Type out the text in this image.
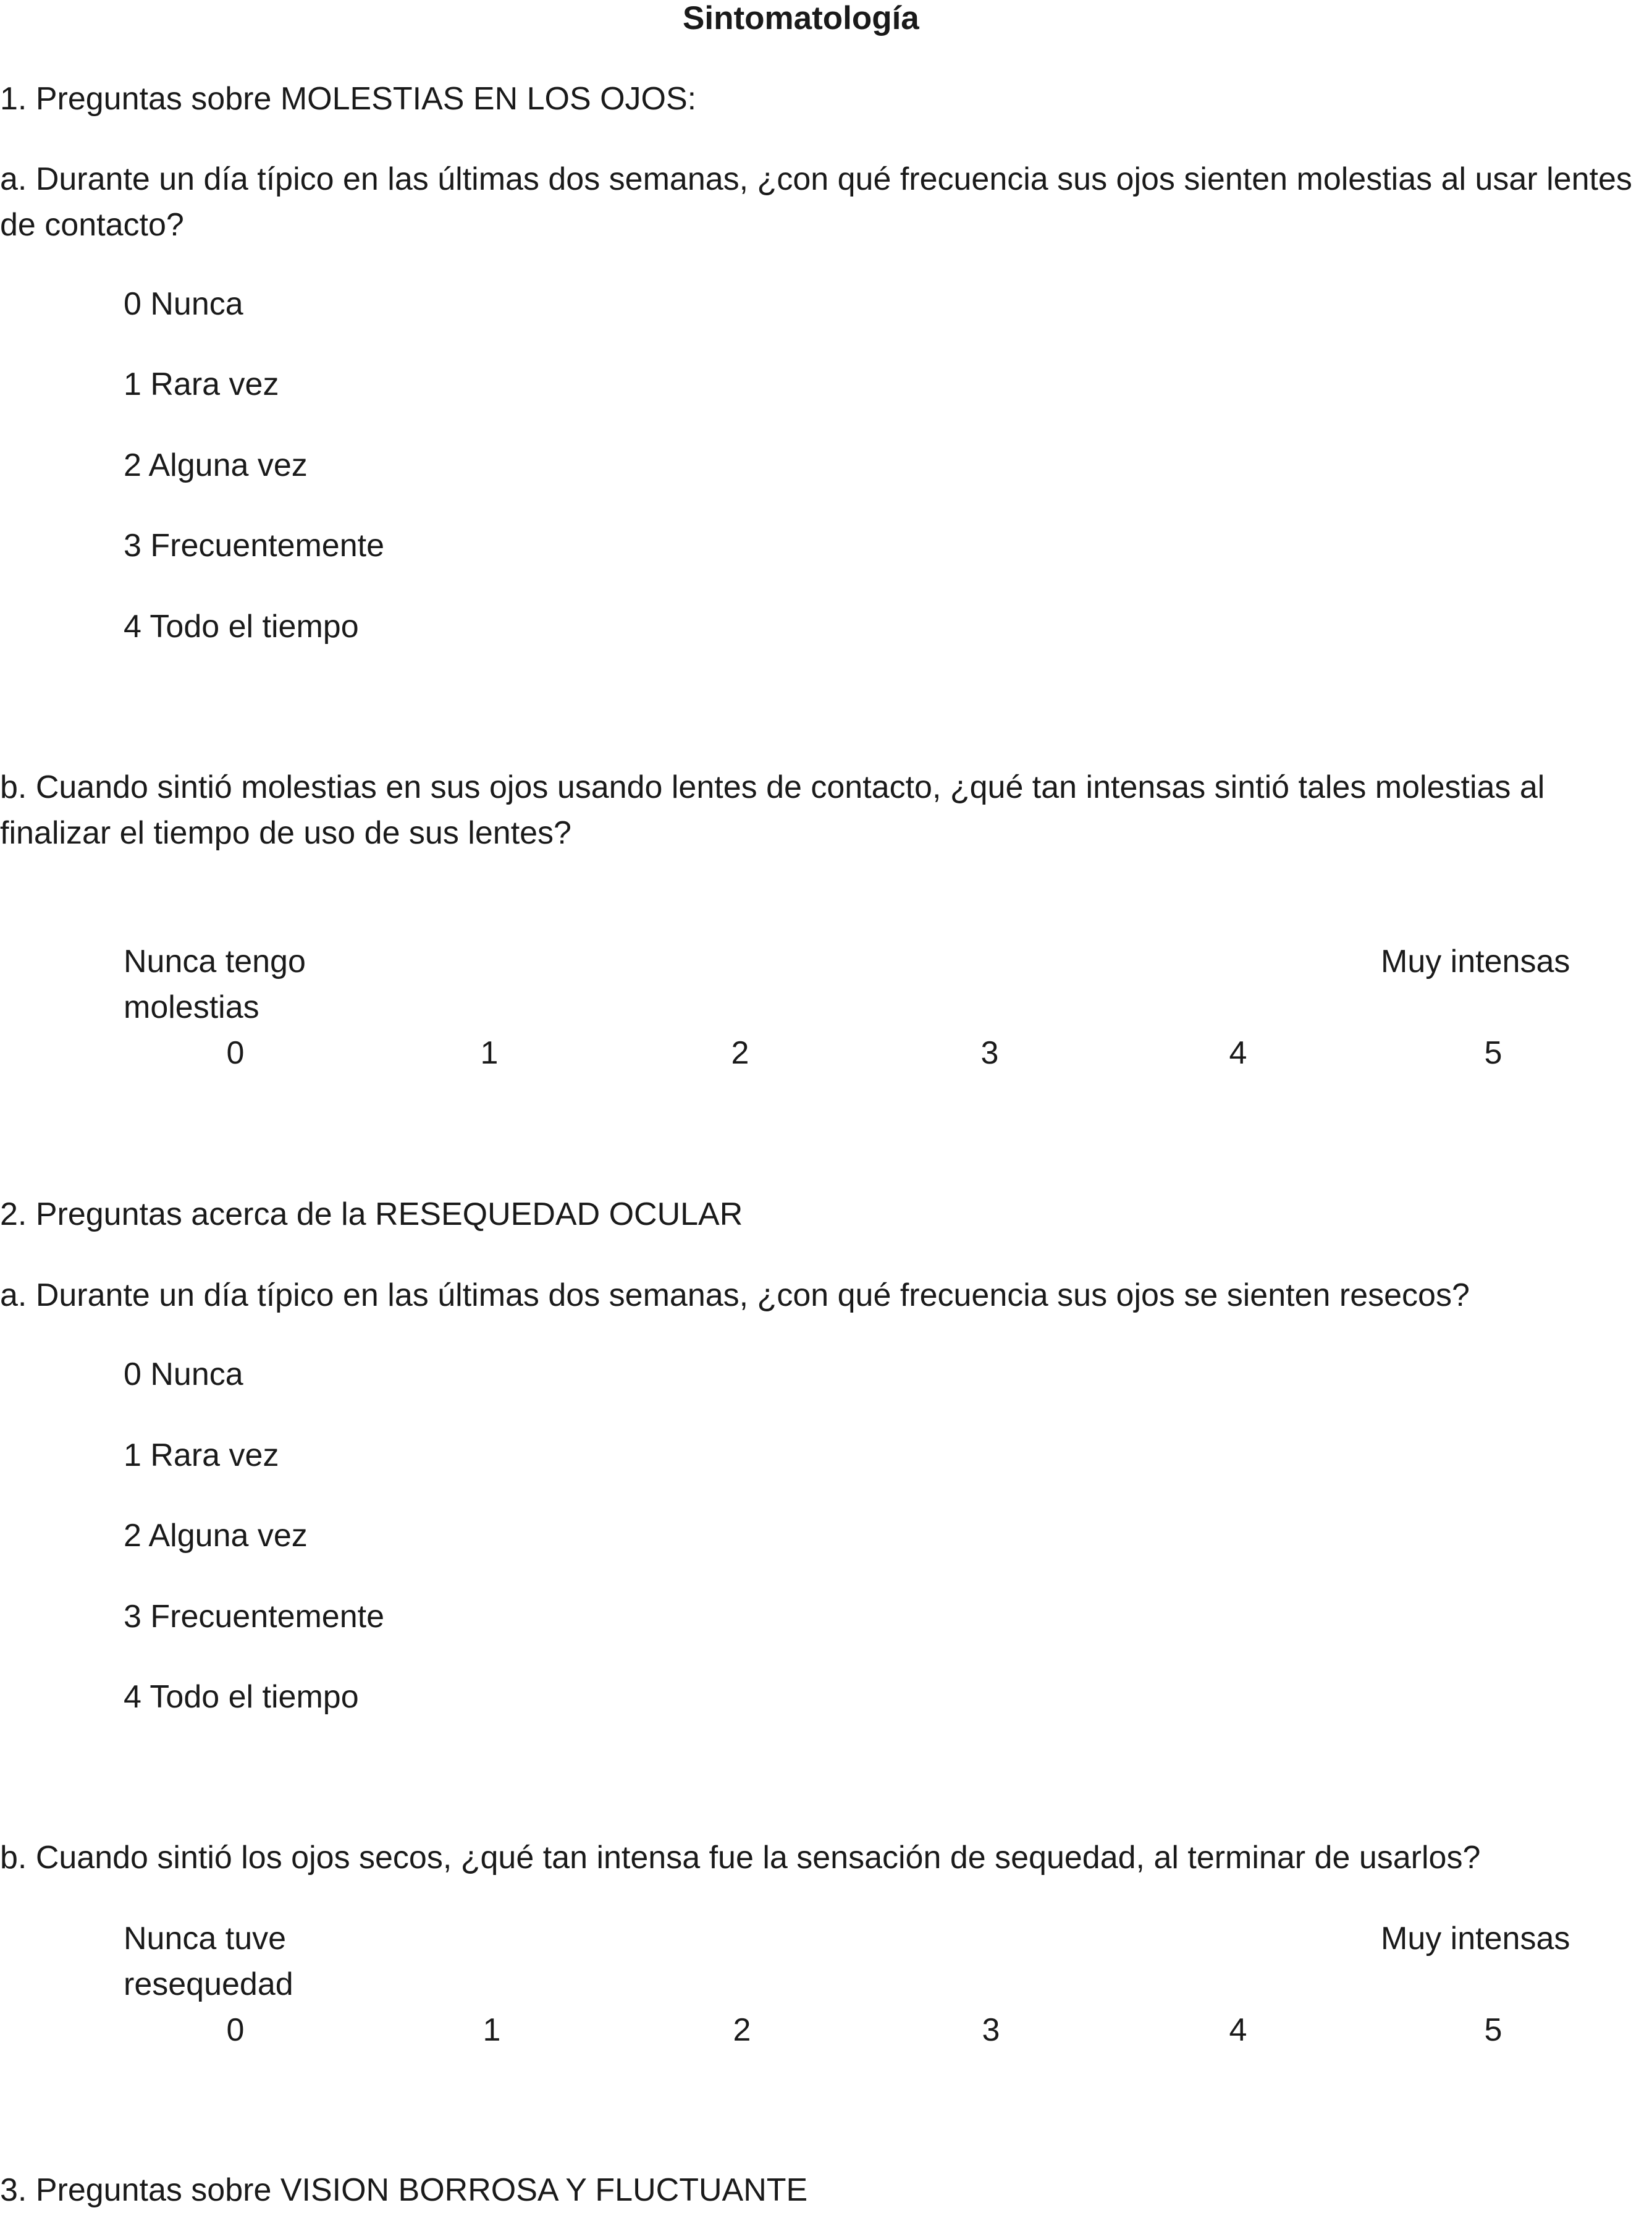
Sintomatología
1. Preguntas sobre MOLESTIAS EN LOS OJOS:
a. Durante un día típico en las últimas dos semanas, ¿con qué frecuencia sus ojos sienten molestias al usar lentes de contacto?
0 Nunca
1 Rara vez
2 Alguna vez
3 Frecuentemente
4 Todo el tiempo
b. Cuando sintió molestias en sus ojos usando lentes de contacto, ¿qué tan intensas sintió tales molestias al finalizar el tiempo de uso de sus lentes?
Nunca tengo
molestias
Muy intensas
0	1	2	3	4	5
2. Preguntas acerca de la RESEQUEDAD OCULAR
a. Durante un día típico en las últimas dos semanas, ¿con qué frecuencia sus ojos se sienten resecos?
0 Nunca
1 Rara vez
2 Alguna vez
3 Frecuentemente
4 Todo el tiempo
b. Cuando sintió los ojos secos, ¿qué tan intensa fue la sensación de sequedad, al terminar de usarlos?
Nunca tuve
resequedad
Muy intensas
0	1	2	3	4	5
3. Preguntas sobre VISION BORROSA Y FLUCTUANTE
